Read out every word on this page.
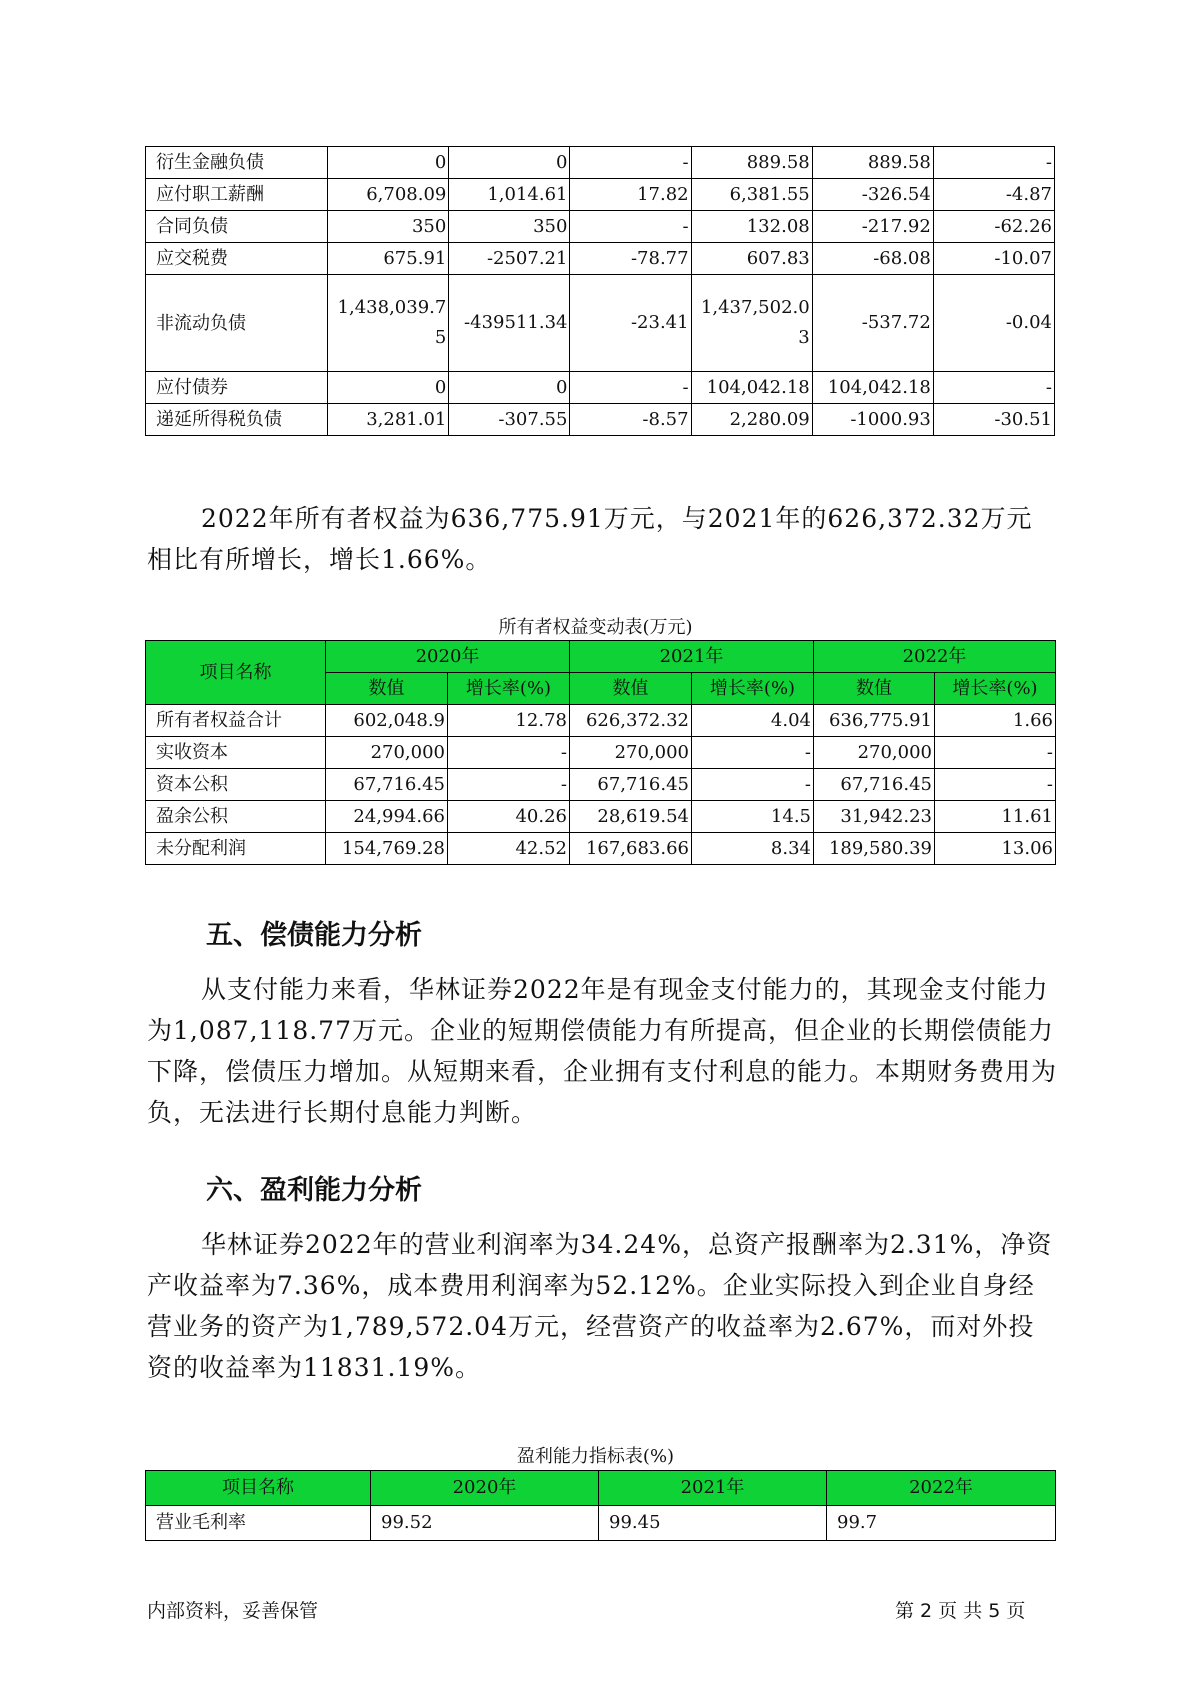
衍生金融负债	0	0	-	889.58	889.58	-
应付职工薪酬	6,708.09	1,014.61	17.82	6,381.55	-326.54	-4.87
合同负债	350	350	-	132.08	-217.92	-62.26
应交税费	675.91	-2507.21	-78.77	607.83	-68.08	-10.07
非流动负债	1,438,039.75	-439511.34	-23.41	1,437,502.03	-537.72	-0.04
应付债券	0	0	-	104,042.18	104,042.18	-
递延所得税负债	3,281.01	-307.55	-8.57	2,280.09	-1000.93	-30.51

2022年所有者权益为636,775.91万元，与2021年的626,372.32万元相比有所增长，增长1.66%。

所有者权益变动表(万元)
项目名称	2020年		2021年		2022年	
	数值	增长率(%)	数值	增长率(%)	数值	增长率(%)
所有者权益合计	602,048.9	12.78	626,372.32	4.04	636,775.91	1.66
实收资本	270,000	-	270,000	-	270,000	-
资本公积	67,716.45	-	67,716.45	-	67,716.45	-
盈余公积	24,994.66	40.26	28,619.54	14.5	31,942.23	11.61
未分配利润	154,769.28	42.52	167,683.66	8.34	189,580.39	13.06
五、偿债能力分析

从支付能力来看，华林证券2022年是有现金支付能力的，其现金支付能力为1,087,118.77万元。企业的短期偿债能力有所提高，但企业的长期偿债能力下降，偿债压力增加。从短期来看，企业拥有支付利息的能力。本期财务费用为负，无法进行长期付息能力判断。

六、盈利能力分析

华林证券2022年的营业利润率为34.24%，总资产报酬率为2.31%，净资产收益率为7.36%，成本费用利润率为52.12%。企业实际投入到企业自身经营业务的资产为1,789,572.04万元，经营资产的收益率为2.67%，而对外投资的收益率为11831.19%。

盈利能力指标表(%)
项目名称	2020年	2021年	2022年
营业毛利率	99.52	99.45	99.7
内部资料，妥善保管	第 2 页 共 5 页
